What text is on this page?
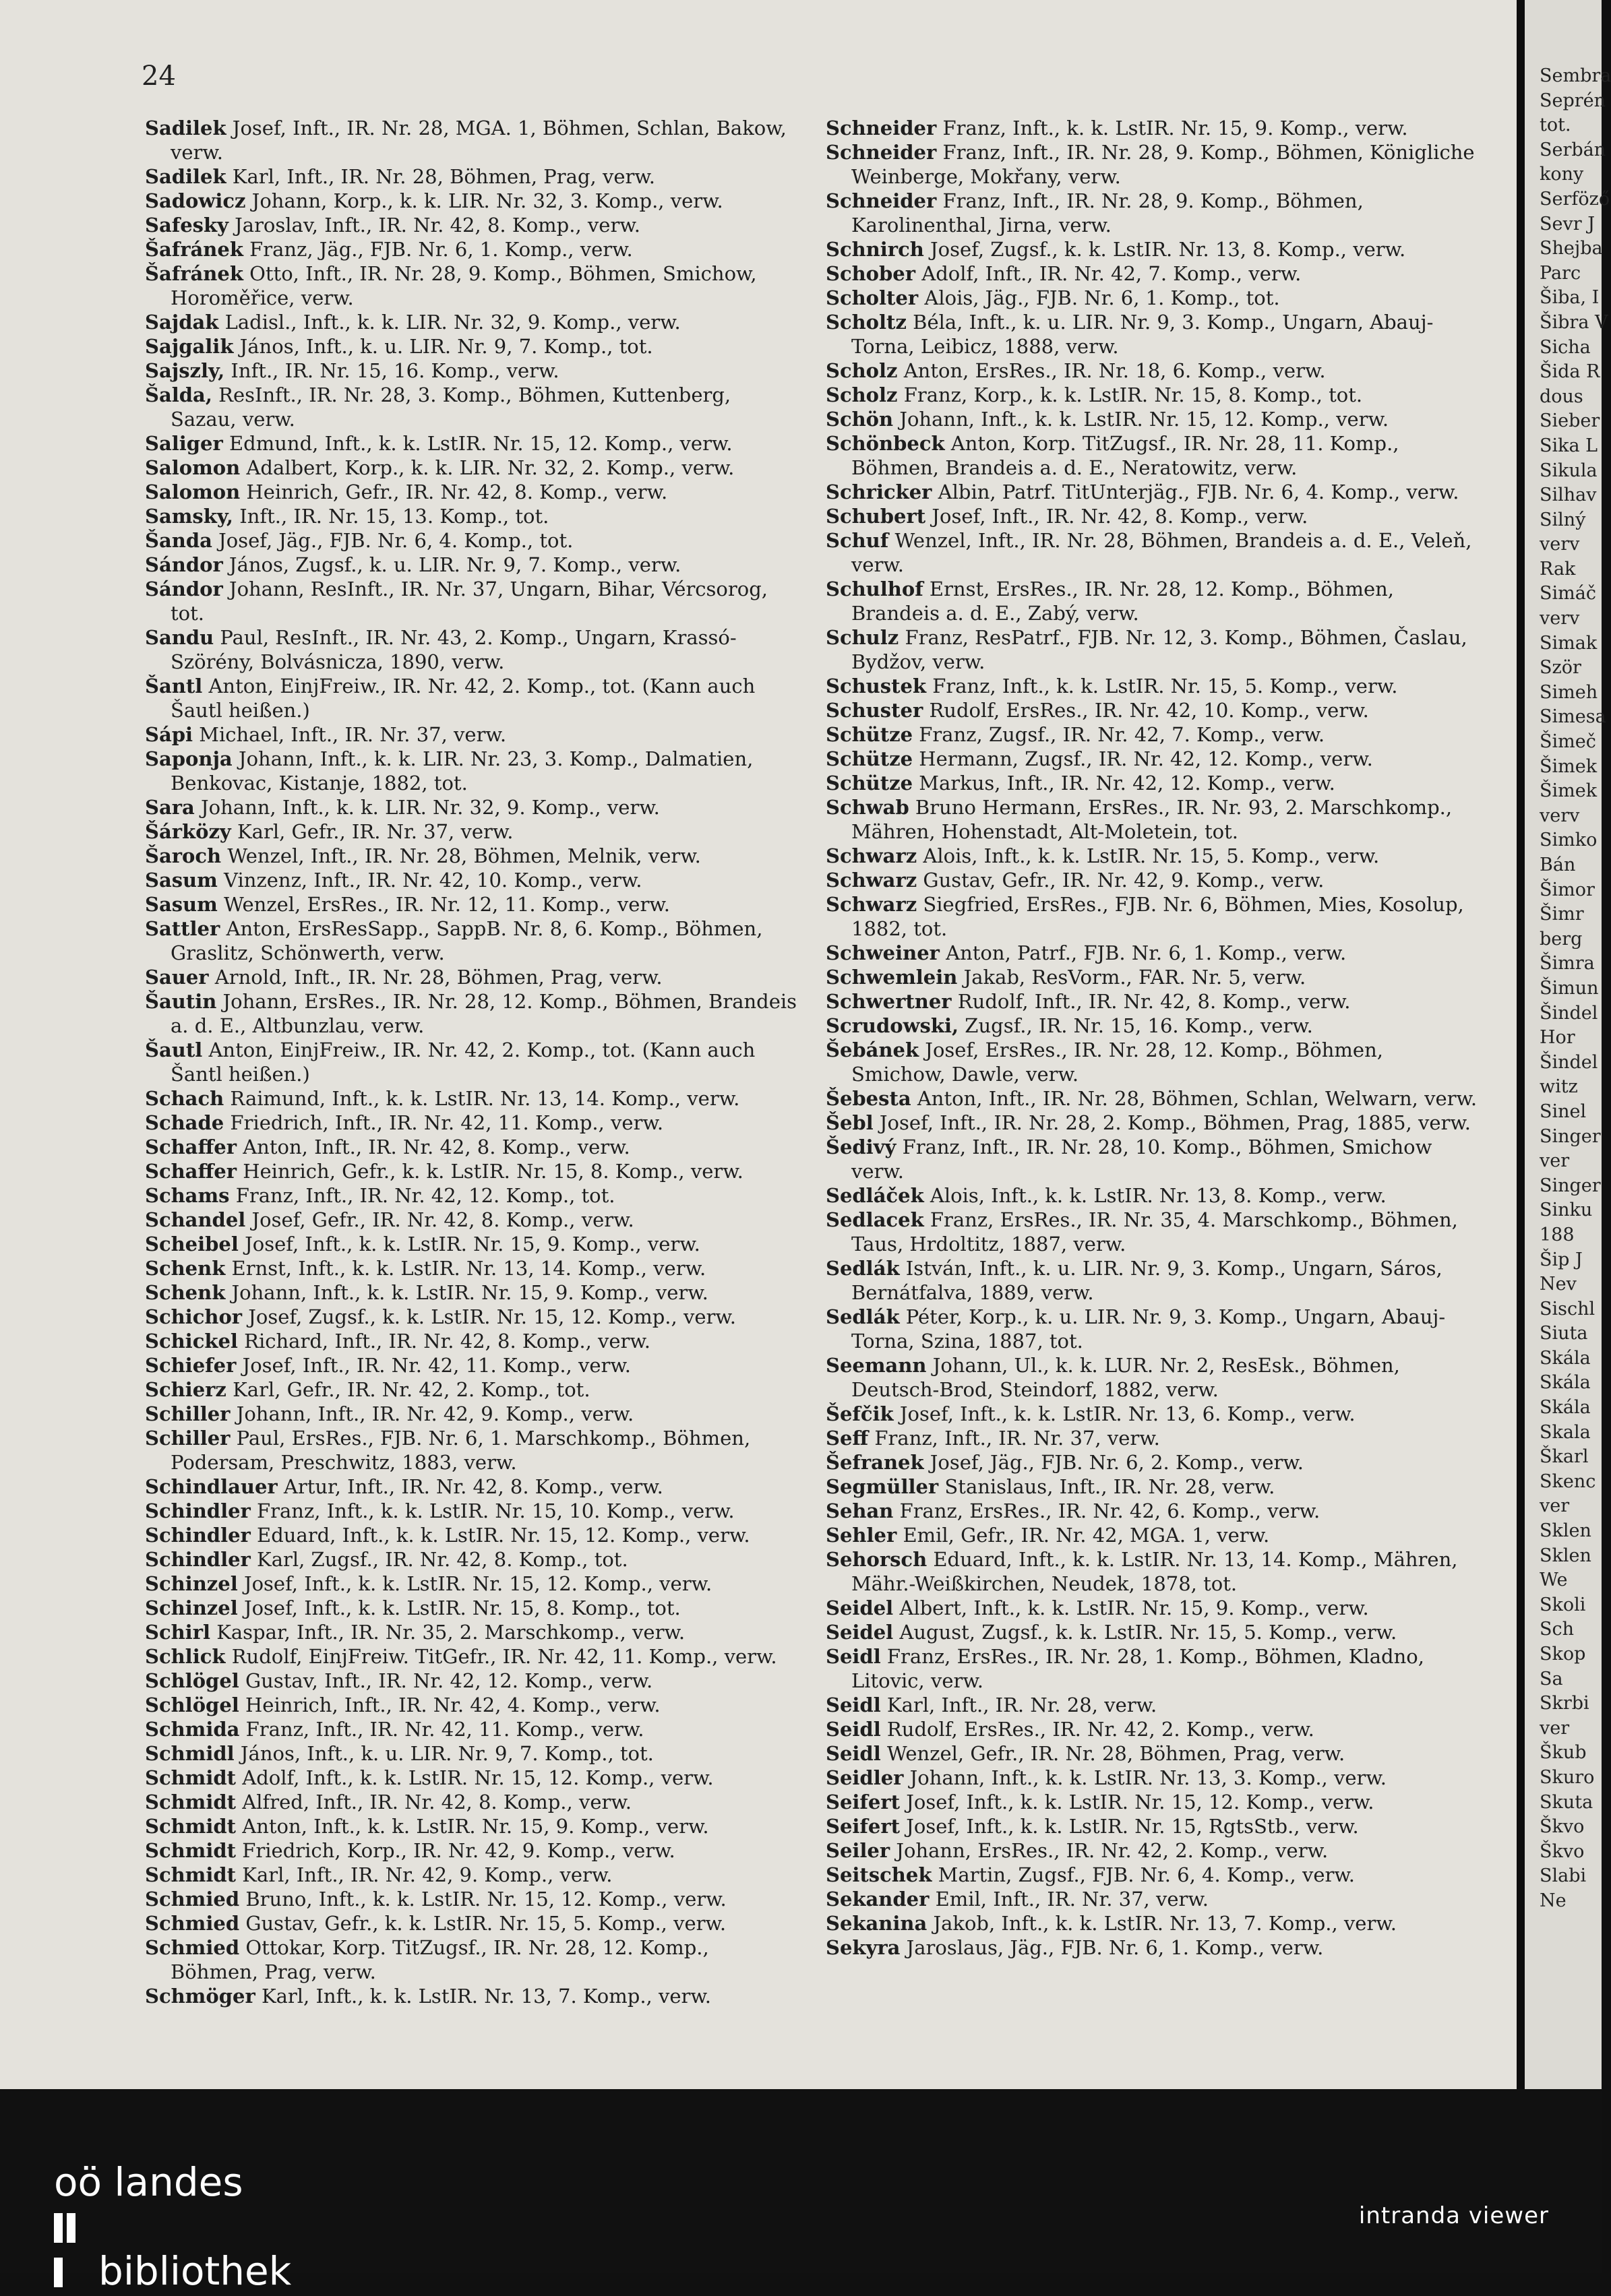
24
Sadilek Josef, Inft., IR. Nr. 28, MGA. 1, Böhmen, Schlan, Bakow, verw.
Sadilek Karl, Inft., IR. Nr. 28, Böhmen, Prag, verw.
Sadowicz Johann, Korp., k. k. LIR. Nr. 32, 3. Komp., verw.
Safesky Jaroslav, Inft., IR. Nr. 42, 8. Komp., verw.
Šafránek Franz, Jäg., FJB. Nr. 6, 1. Komp., verw.
Šafránek Otto, Inft., IR. Nr. 28, 9. Komp., Böhmen, Smichow, Horoměřice, verw.
Sajdak Ladisl., Inft., k. k. LIR. Nr. 32, 9. Komp., verw.
Sajgalik János, Inft., k. u. LIR. Nr. 9, 7. Komp., tot.
Sajszly, Inft., IR. Nr. 15, 16. Komp., verw.
Šalda, ResInft., IR. Nr. 28, 3. Komp., Böhmen, Kuttenberg, Sazau, verw.
Saliger Edmund, Inft., k. k. LstIR. Nr. 15, 12. Komp., verw.
Salomon Adalbert, Korp., k. k. LIR. Nr. 32, 2. Komp., verw.
Salomon Heinrich, Gefr., IR. Nr. 42, 8. Komp., verw.
Samsky, Inft., IR. Nr. 15, 13. Komp., tot.
Šanda Josef, Jäg., FJB. Nr. 6, 4. Komp., tot.
Sándor János, Zugsf., k. u. LIR. Nr. 9, 7. Komp., verw.
Sándor Johann, ResInft., IR. Nr. 37, Ungarn, Bihar, Vércsorog, tot.
Sandu Paul, ResInft., IR. Nr. 43, 2. Komp., Ungarn, Krassó-Szörény, Bolvásnicza, 1890, verw.
Šantl Anton, EinjFreiw., IR. Nr. 42, 2. Komp., tot. (Kann auch Šautl heißen.)
Sápi Michael, Inft., IR. Nr. 37, verw.
Saponja Johann, Inft., k. k. LIR. Nr. 23, 3. Komp., Dalmatien, Benkovac, Kistanje, 1882, tot.
Sara Johann, Inft., k. k. LIR. Nr. 32, 9. Komp., verw.
Šárközy Karl, Gefr., IR. Nr. 37, verw.
Šaroch Wenzel, Inft., IR. Nr. 28, Böhmen, Melnik, verw.
Sasum Vinzenz, Inft., IR. Nr. 42, 10. Komp., verw.
Sasum Wenzel, ErsRes., IR. Nr. 12, 11. Komp., verw.
Sattler Anton, ErsResSapp., SappB. Nr. 8, 6. Komp., Böhmen, Graslitz, Schönwerth, verw.
Sauer Arnold, Inft., IR. Nr. 28, Böhmen, Prag, verw.
Šautin Johann, ErsRes., IR. Nr. 28, 12. Komp., Böhmen, Brandeis a. d. E., Altbunzlau, verw.
Šautl Anton, EinjFreiw., IR. Nr. 42, 2. Komp., tot. (Kann auch Šantl heißen.)
Schach Raimund, Inft., k. k. LstIR. Nr. 13, 14. Komp., verw.
Schade Friedrich, Inft., IR. Nr. 42, 11. Komp., verw.
Schaffer Anton, Inft., IR. Nr. 42, 8. Komp., verw.
Schaffer Heinrich, Gefr., k. k. LstIR. Nr. 15, 8. Komp., verw.
Schams Franz, Inft., IR. Nr. 42, 12. Komp., tot.
Schandel Josef, Gefr., IR. Nr. 42, 8. Komp., verw.
Scheibel Josef, Inft., k. k. LstIR. Nr. 15, 9. Komp., verw.
Schenk Ernst, Inft., k. k. LstIR. Nr. 13, 14. Komp., verw.
Schenk Johann, Inft., k. k. LstIR. Nr. 15, 9. Komp., verw.
Schichor Josef, Zugsf., k. k. LstIR. Nr. 15, 12. Komp., verw.
Schickel Richard, Inft., IR. Nr. 42, 8. Komp., verw.
Schiefer Josef, Inft., IR. Nr. 42, 11. Komp., verw.
Schierz Karl, Gefr., IR. Nr. 42, 2. Komp., tot.
Schiller Johann, Inft., IR. Nr. 42, 9. Komp., verw.
Schiller Paul, ErsRes., FJB. Nr. 6, 1. Marschkomp., Böhmen, Podersam, Preschwitz, 1883, verw.
Schindlauer Artur, Inft., IR. Nr. 42, 8. Komp., verw.
Schindler Franz, Inft., k. k. LstIR. Nr. 15, 10. Komp., verw.
Schindler Eduard, Inft., k. k. LstIR. Nr. 15, 12. Komp., verw.
Schindler Karl, Zugsf., IR. Nr. 42, 8. Komp., tot.
Schinzel Josef, Inft., k. k. LstIR. Nr. 15, 12. Komp., verw.
Schinzel Josef, Inft., k. k. LstIR. Nr. 15, 8. Komp., tot.
Schirl Kaspar, Inft., IR. Nr. 35, 2. Marschkomp., verw.
Schlick Rudolf, EinjFreiw. TitGefr., IR. Nr. 42, 11. Komp., verw.
Schlögel Gustav, Inft., IR. Nr. 42, 12. Komp., verw.
Schlögel Heinrich, Inft., IR. Nr. 42, 4. Komp., verw.
Schmida Franz, Inft., IR. Nr. 42, 11. Komp., verw.
Schmidl János, Inft., k. u. LIR. Nr. 9, 7. Komp., tot.
Schmidt Adolf, Inft., k. k. LstIR. Nr. 15, 12. Komp., verw.
Schmidt Alfred, Inft., IR. Nr. 42, 8. Komp., verw.
Schmidt Anton, Inft., k. k. LstIR. Nr. 15, 9. Komp., verw.
Schmidt Friedrich, Korp., IR. Nr. 42, 9. Komp., verw.
Schmidt Karl, Inft., IR. Nr. 42, 9. Komp., verw.
Schmied Bruno, Inft., k. k. LstIR. Nr. 15, 12. Komp., verw.
Schmied Gustav, Gefr., k. k. LstIR. Nr. 15, 5. Komp., verw.
Schmied Ottokar, Korp. TitZugsf., IR. Nr. 28, 12. Komp., Böhmen, Prag, verw.
Schmöger Karl, Inft., k. k. LstIR. Nr. 13, 7. Komp., verw.
Schneider Franz, Inft., k. k. LstIR. Nr. 15, 9. Komp., verw.
Schneider Franz, Inft., IR. Nr. 28, 9. Komp., Böhmen, Königliche Weinberge, Mokřany, verw.
Schneider Franz, Inft., IR. Nr. 28, 9. Komp., Böhmen, Karolinenthal, Jirna, verw.
Schnirch Josef, Zugsf., k. k. LstIR. Nr. 13, 8. Komp., verw.
Schober Adolf, Inft., IR. Nr. 42, 7. Komp., verw.
Scholter Alois, Jäg., FJB. Nr. 6, 1. Komp., tot.
Scholtz Béla, Inft., k. u. LIR. Nr. 9, 3. Komp., Ungarn, Abauj-Torna, Leibicz, 1888, verw.
Scholz Anton, ErsRes., IR. Nr. 18, 6. Komp., verw.
Scholz Franz, Korp., k. k. LstIR. Nr. 15, 8. Komp., tot.
Schön Johann, Inft., k. k. LstIR. Nr. 15, 12. Komp., verw.
Schönbeck Anton, Korp. TitZugsf., IR. Nr. 28, 11. Komp., Böhmen, Brandeis a. d. E., Neratowitz, verw.
Schricker Albin, Patrf. TitUnterjäg., FJB. Nr. 6, 4. Komp., verw.
Schubert Josef, Inft., IR. Nr. 42, 8. Komp., verw.
Schuf Wenzel, Inft., IR. Nr. 28, Böhmen, Brandeis a. d. E., Veleň, verw.
Schulhof Ernst, ErsRes., IR. Nr. 28, 12. Komp., Böhmen, Brandeis a. d. E., Zabý, verw.
Schulz Franz, ResPatrf., FJB. Nr. 12, 3. Komp., Böhmen, Časlau, Bydžov, verw.
Schustek Franz, Inft., k. k. LstIR. Nr. 15, 5. Komp., verw.
Schuster Rudolf, ErsRes., IR. Nr. 42, 10. Komp., verw.
Schütze Franz, Zugsf., IR. Nr. 42, 7. Komp., verw.
Schütze Hermann, Zugsf., IR. Nr. 42, 12. Komp., verw.
Schütze Markus, Inft., IR. Nr. 42, 12. Komp., verw.
Schwab Bruno Hermann, ErsRes., IR. Nr. 93, 2. Marschkomp., Mähren, Hohenstadt, Alt-Moletein, tot.
Schwarz Alois, Inft., k. k. LstIR. Nr. 15, 5. Komp., verw.
Schwarz Gustav, Gefr., IR. Nr. 42, 9. Komp., verw.
Schwarz Siegfried, ErsRes., FJB. Nr. 6, Böhmen, Mies, Kosolup, 1882, tot.
Schweiner Anton, Patrf., FJB. Nr. 6, 1. Komp., verw.
Schwemlein Jakab, ResVorm., FAR. Nr. 5, verw.
Schwertner Rudolf, Inft., IR. Nr. 42, 8. Komp., verw.
Scrudowski, Zugsf., IR. Nr. 15, 16. Komp., verw.
Šebánek Josef, ErsRes., IR. Nr. 28, 12. Komp., Böhmen, Smichow, Dawle, verw.
Šebesta Anton, Inft., IR. Nr. 28, Böhmen, Schlan, Welwarn, verw.
Šebl Josef, Inft., IR. Nr. 28, 2. Komp., Böhmen, Prag, 1885, verw.
Šedivý Franz, Inft., IR. Nr. 28, 10. Komp., Böhmen, Smichow verw.
Sedláček Alois, Inft., k. k. LstIR. Nr. 13, 8. Komp., verw.
Sedlacek Franz, ErsRes., IR. Nr. 35, 4. Marschkomp., Böhmen, Taus, Hrdoltitz, 1887, verw.
Sedlák István, Inft., k. u. LIR. Nr. 9, 3. Komp., Ungarn, Sáros, Bernátfalva, 1889, verw.
Sedlák Péter, Korp., k. u. LIR. Nr. 9, 3. Komp., Ungarn, Abauj-Torna, Szina, 1887, tot.
Seemann Johann, Ul., k. k. LUR. Nr. 2, ResEsk., Böhmen, Deutsch-Brod, Steindorf, 1882, verw.
Šefčik Josef, Inft., k. k. LstIR. Nr. 13, 6. Komp., verw.
Seff Franz, Inft., IR. Nr. 37, verw.
Šefranek Josef, Jäg., FJB. Nr. 6, 2. Komp., verw.
Segmüller Stanislaus, Inft., IR. Nr. 28, verw.
Sehan Franz, ErsRes., IR. Nr. 42, 6. Komp., verw.
Sehler Emil, Gefr., IR. Nr. 42, MGA. 1, verw.
Sehorsch Eduard, Inft., k. k. LstIR. Nr. 13, 14. Komp., Mähren, Mähr.-Weißkirchen, Neudek, 1878, tot.
Seidel Albert, Inft., k. k. LstIR. Nr. 15, 9. Komp., verw.
Seidel August, Zugsf., k. k. LstIR. Nr. 15, 5. Komp., verw.
Seidl Franz, ErsRes., IR. Nr. 28, 1. Komp., Böhmen, Kladno, Litovic, verw.
Seidl Karl, Inft., IR. Nr. 28, verw.
Seidl Rudolf, ErsRes., IR. Nr. 42, 2. Komp., verw.
Seidl Wenzel, Gefr., IR. Nr. 28, Böhmen, Prag, verw.
Seidler Johann, Inft., k. k. LstIR. Nr. 13, 3. Komp., verw.
Seifert Josef, Inft., k. k. LstIR. Nr. 15, 12. Komp., verw.
Seifert Josef, Inft., k. k. LstIR. Nr. 15, RgtsStb., verw.
Seiler Johann, ErsRes., IR. Nr. 42, 2. Komp., verw.
Seitschek Martin, Zugsf., FJB. Nr. 6, 4. Komp., verw.
Sekander Emil, Inft., IR. Nr. 37, verw.
Sekanina Jakob, Inft., k. k. LstIR. Nr. 13, 7. Komp., verw.
Sekyra Jaroslaus, Jäg., FJB. Nr. 6, 1. Komp., verw.
Sembra
Seprén
tot.
Serbán
kony
Serföző
Sevr J
Shejba
Parc
Šiba, I
Šibra V
Sicha
Šida R
dous
Sieber
Sika L
Sikula
Silhav
Silný
verv
Rak
Simáč
verv
Simak
Ször
Simeh
Simesa
Šimeč
Šimek
Šimek
verv
Simko
Bán
Šimor
Šimr
berg
Šimra
Šimun
Šindel
Hor
Šindel
witz
Sinel
Singer
ver
Singer
Sinku
188
Šip J
Nev
Sischl
Siuta
Skála
Skála
Skála
Skala
Škarl
Skenc
ver
Sklen
Sklen
We
Skoli
Sch
Skop
Sa
Skrbi
ver
Škub
Skuro
Skuta
Škvo
Škvo
Slabi
Ne
oö landes
bibliothek
intranda viewer
